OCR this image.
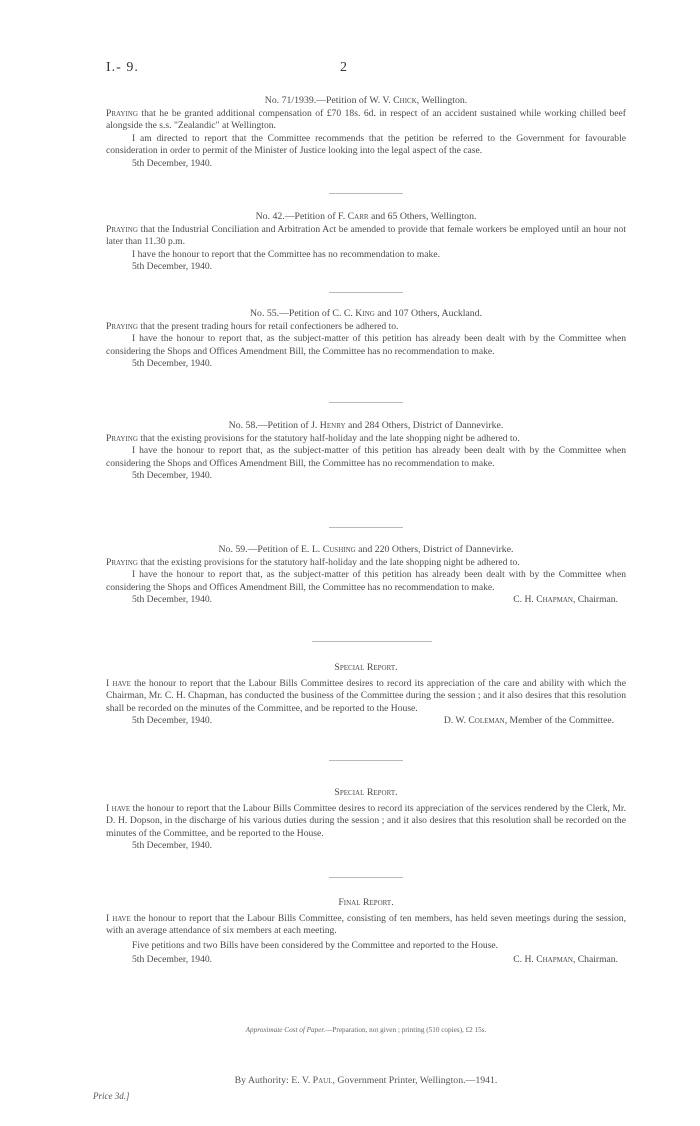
I.- 9.	2

No. 71/1939.—Petition of W. V. Chick, Wellington.

Praying that he be granted additional compensation of £70 18s. 6d. in respect of an accident sustained while working chilled beef alongside the s.s. "Zealandic" at Wellington.

I am directed to report that the Committee recommends that the petition be referred to the Government for favourable consideration in order to permit of the Minister of Justice looking into the legal aspect of the case.

5th December, 1940.

No. 42.—Petition of F. Carr and 65 Others, Wellington.

Praying that the Industrial Conciliation and Arbitration Act be amended to provide that female workers be employed until an hour not later than 11.30 p.m.

I have the honour to report that the Committee has no recommendation to make.

5th December, 1940.

No. 55.—Petition of C. C. King and 107 Others, Auckland.

Praying that the present trading hours for retail confectioners be adhered to.

I have the honour to report that, as the subject-matter of this petition has already been dealt with by the Committee when considering the Shops and Offices Amendment Bill, the Committee has no recommendation to make.

5th December, 1940.

No. 58.—Petition of J. Henry and 284 Others, District of Dannevirke.

Praying that the existing provisions for the statutory half-holiday and the late shopping night be adhered to.

I have the honour to report that, as the subject-matter of this petition has already been dealt with by the Committee when considering the Shops and Offices Amendment Bill, the Committee has no recommendation to make.

5th December, 1940.

No. 59.—Petition of E. L. Cushing and 220 Others, District of Dannevirke.

Praying that the existing provisions for the statutory half-holiday and the late shopping night be adhered to.

I have the honour to report that, as the subject-matter of this petition has already been dealt with by the Committee when considering the Shops and Offices Amendment Bill, the Committee has no recommendation to make.

5th December, 1940.	C. H. Chapman, Chairman.

Special Report.

I have the honour to report that the Labour Bills Committee desires to record its appreciation of the care and ability with which the Chairman, Mr. C. H. Chapman, has conducted the business of the Committee during the session ; and it also desires that this resolution shall be recorded on the minutes of the Committee, and be reported to the House.

5th December, 1940.	D. W. Coleman, Member of the Committee.

Special Report.

I have the honour to report that the Labour Bills Committee desires to record its appreciation of the services rendered by the Clerk, Mr. D. H. Dopson, in the discharge of his various duties during the session ; and it also desires that this resolution shall be recorded on the minutes of the Committee, and be reported to the House.

5th December, 1940.

Final Report.

I have the honour to report that the Labour Bills Committee, consisting of ten members, has held seven meetings during the session, with an average attendance of six members at each meeting.

Five petitions and two Bills have been considered by the Committee and reported to the House.

5th December, 1940.	C. H. Chapman, Chairman.
Approximate Cost of Paper.—Preparation, not given ; printing (510 copies), £2 15s.
By Authority: E. V. Paul, Government Printer, Wellington.—1941.
Price 3d.]
